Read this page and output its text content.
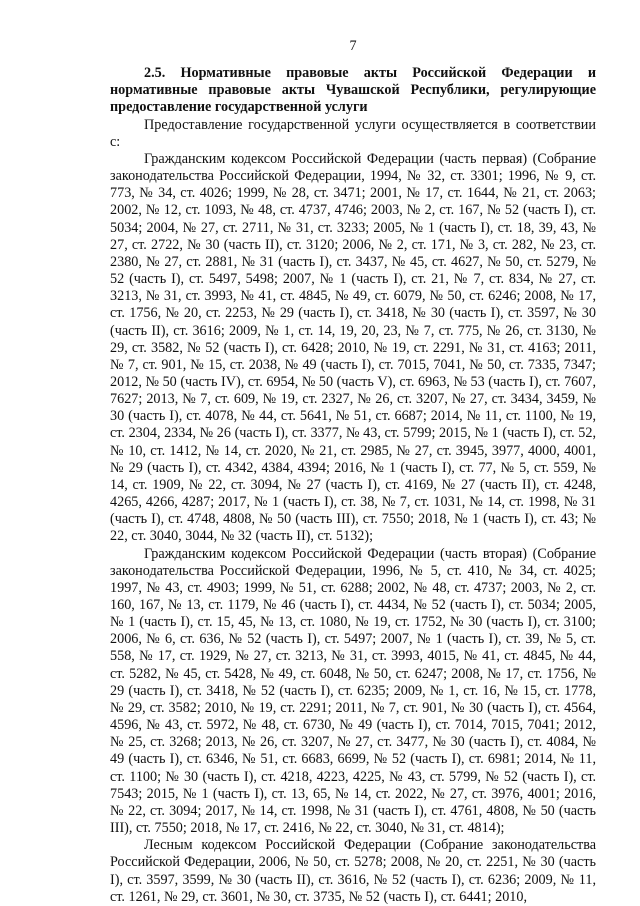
7

2.5. Нормативные правовые акты Российской Федерации и нормативные правовые акты Чувашской Республики, регулирующие предоставление государственной услуги

Предоставление государственной услуги осуществляется в соответствии с:

Гражданским кодексом Российской Федерации (часть первая) (Собрание законодательства Российской Федерации, 1994, № 32, ст. 3301; 1996, № 9, ст. 773, № 34, ст. 4026; 1999, № 28, ст. 3471; 2001, № 17, ст. 1644, № 21, ст. 2063; 2002, № 12, ст. 1093, № 48, ст. 4737, 4746; 2003, № 2, ст. 167, № 52 (часть I), ст. 5034; 2004, № 27, ст. 2711, № 31, ст. 3233; 2005, № 1 (часть I), ст. 18, 39, 43, № 27, ст. 2722, № 30 (часть II), ст. 3120; 2006, № 2, ст. 171, № 3, ст. 282, № 23, ст. 2380, № 27, ст. 2881, № 31 (часть I), ст. 3437, № 45, ст. 4627, № 50, ст. 5279, № 52 (часть I), ст. 5497, 5498; 2007, № 1 (часть I), ст. 21, № 7, ст. 834, № 27, ст. 3213, № 31, ст. 3993, № 41, ст. 4845, № 49, ст. 6079, № 50, ст. 6246; 2008, № 17, ст. 1756, № 20, ст. 2253, № 29 (часть I), ст. 3418, № 30 (часть I), ст. 3597, № 30 (часть II), ст. 3616; 2009, № 1, ст. 14, 19, 20, 23, № 7, ст. 775, № 26, ст. 3130, № 29, ст. 3582, № 52 (часть I), ст. 6428; 2010, № 19, ст. 2291, № 31, ст. 4163; 2011, № 7, ст. 901, № 15, ст. 2038, № 49 (часть I), ст. 7015, 7041, № 50, ст. 7335, 7347; 2012, № 50 (часть IV), ст. 6954, № 50 (часть V), ст. 6963, № 53 (часть I), ст. 7607, 7627; 2013, № 7, ст. 609, № 19, ст. 2327, № 26, ст. 3207, № 27, ст. 3434, 3459, № 30 (часть I), ст. 4078, № 44, ст. 5641, № 51, ст. 6687; 2014, № 11, ст. 1100, № 19, ст. 2304, 2334, № 26 (часть I), ст. 3377, № 43, ст. 5799; 2015, № 1 (часть I), ст. 52, № 10, ст. 1412, № 14, ст. 2020, № 21, ст. 2985, № 27, ст. 3945, 3977, 4000, 4001, № 29 (часть I), ст. 4342, 4384, 4394; 2016, № 1 (часть I), ст. 77, № 5, ст. 559, № 14, ст. 1909, № 22, ст. 3094, № 27 (часть I), ст. 4169, № 27 (часть II), ст. 4248, 4265, 4266, 4287; 2017, № 1 (часть I), ст. 38, № 7, ст. 1031, № 14, ст. 1998, № 31 (часть I), ст. 4748, 4808, № 50 (часть III), ст. 7550; 2018, № 1 (часть I), ст. 43; № 22, ст. 3040, 3044, № 32 (часть II), ст. 5132);

Гражданским кодексом Российской Федерации (часть вторая) (Собрание законодательства Российской Федерации, 1996, № 5, ст. 410, № 34, ст. 4025; 1997, № 43, ст. 4903; 1999, № 51, ст. 6288; 2002, № 48, ст. 4737; 2003, № 2, ст. 160, 167, № 13, ст. 1179, № 46 (часть I), ст. 4434, № 52 (часть I), ст. 5034; 2005, № 1 (часть I), ст. 15, 45, № 13, ст. 1080, № 19, ст. 1752, № 30 (часть I), ст. 3100; 2006, № 6, ст. 636, № 52 (часть I), ст. 5497; 2007, № 1 (часть I), ст. 39, № 5, ст. 558, № 17, ст. 1929, № 27, ст. 3213, № 31, ст. 3993, 4015, № 41, ст. 4845, № 44, ст. 5282, № 45, ст. 5428, № 49, ст. 6048, № 50, ст. 6247; 2008, № 17, ст. 1756, № 29 (часть I), ст. 3418, № 52 (часть I), ст. 6235; 2009, № 1, ст. 16, № 15, ст. 1778, № 29, ст. 3582; 2010, № 19, ст. 2291; 2011, № 7, ст. 901, № 30 (часть I), ст. 4564, 4596, № 43, ст. 5972, № 48, ст. 6730, № 49 (часть I), ст. 7014, 7015, 7041; 2012, № 25, ст. 3268; 2013, № 26, ст. 3207, № 27, ст. 3477, № 30 (часть I), ст. 4084, № 49 (часть I), ст. 6346, № 51, ст. 6683, 6699, № 52 (часть I), ст. 6981; 2014, № 11, ст. 1100; № 30 (часть I), ст. 4218, 4223, 4225, № 43, ст. 5799, № 52 (часть I), ст. 7543; 2015, № 1 (часть I), ст. 13, 65, № 14, ст. 2022, № 27, ст. 3976, 4001; 2016, № 22, ст. 3094; 2017, № 14, ст. 1998, № 31 (часть I), ст. 4761, 4808, № 50 (часть III), ст. 7550; 2018, № 17, ст. 2416, № 22, ст. 3040, № 31, ст. 4814);

Лесным кодексом Российской Федерации (Собрание законодательства Российской Федерации, 2006, № 50, ст. 5278; 2008, № 20, ст. 2251, № 30 (часть I), ст. 3597, 3599, № 30 (часть II), ст. 3616, № 52 (часть I), ст. 6236; 2009, № 11, ст. 1261, № 29, ст. 3601, № 30, ст. 3735, № 52 (часть I), ст. 6441; 2010,
